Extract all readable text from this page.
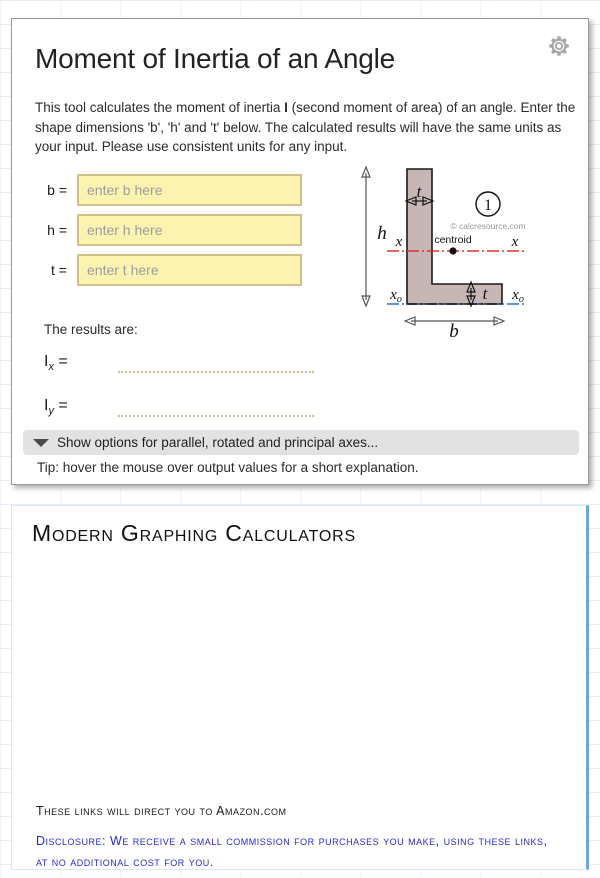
Moment of Inertia of an Angle
This tool calculates the moment of inertia I (second moment of area) of an angle. Enter the shape dimensions 'b', 'h' and 't' below. The calculated results will have the same units as your input. Please use consistent units for any input.
b =
enter b here
h =
enter h here
t =
enter t here
1
© calcresource.com
h
b
t
t
x	x
$x_o$	$x_o$
centroid
The results are:
$I_x$ =
$I_y$ =
Show options for parallel, rotated and principal axes...
Tip: hover the mouse over output values for a short explanation.
Modern Graphing Calculators
These links will direct you to Amazon.com
Disclosure: We receive a small commission for purchases you make, using these links, at no additional cost for you.
